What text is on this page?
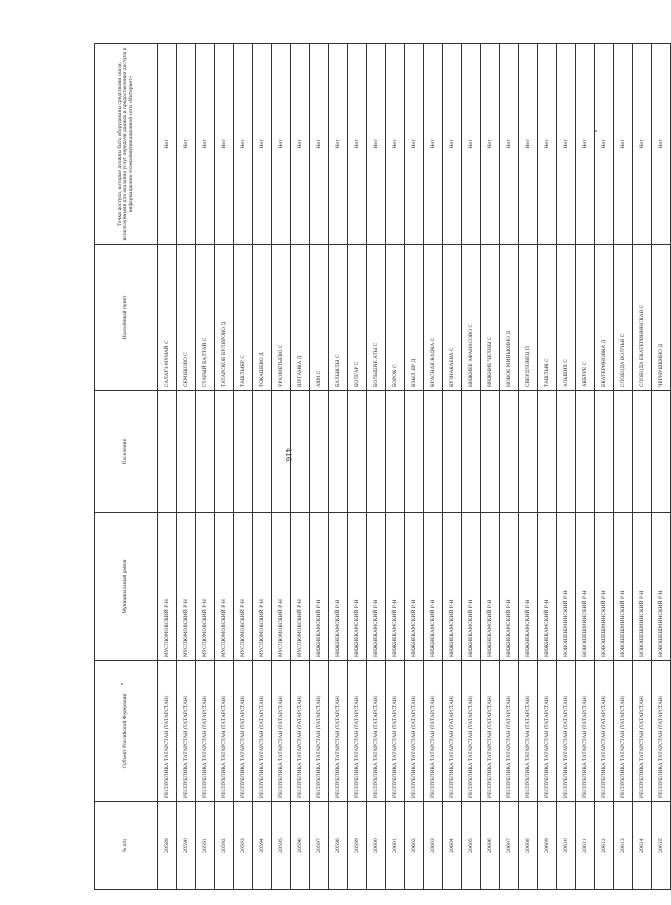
416
№ п/п	Субъект Российской Федерации	Муниципальный район	Поселение	Населённый пункт	Точки доступа, которые должны быть оборудованы средствами связи, используемыми для оказания услуг передачи данных и предоставления доступа к информационно-телекоммуникационной сети «Интернет»
20589	РЕСПУБЛИКА ТАТАРСТАН (ТАТАРСТАН)	МУСЛЮМОВСКИЙ Р-Н		САЛАУЗ-МУНАЙ С	Нет
20590	РЕСПУБЛИКА ТАТАРСТАН (ТАТАРСТАН)	МУСЛЮМОВСКИЙ Р-Н		СЕМЯКОВО С	Нет
20591	РЕСПУБЛИКА ТАТАРСТАН (ТАТАРСТАН)	МУСЛЮМОВСКИЙ Р-Н		СТАРЫЙ БАЛТАЙ С	Нет
20592	РЕСПУБЛИКА ТАТАРСТАН (ТАТАРСТАН)	МУСЛЮМОВСКИЙ Р-Н		ТАТАРСКОЕ БУЛЯРОВО Д	Нет
20593	РЕСПУБЛИКА ТАТАРСТАН (ТАТАРСТАН)	МУСЛЮМОВСКИЙ Р-Н		ТАШЛЫЯР С	Нет
20594	РЕСПУБЛИКА ТАТАРСТАН (ТАТАРСТАН)	МУСЛЮМОВСКИЙ Р-Н		ТОКАШЕВО Д	Нет
20595	РЕСПУБЛИКА ТАТАРСТАН (ТАТАРСТАН)	МУСЛЮМОВСКИЙ Р-Н		УРАЗМЕТЬЕВО С	Нет
20596	РЕСПУБЛИКА ТАТАРСТАН (ТАТАРСТАН)	МУСЛЮМОВСКИЙ Р-Н		ШУГАНКА Д	Нет
20597	РЕСПУБЛИКА ТАТАРСТАН (ТАТАРСТАН)	НИЖНЕКАМСКИЙ Р-Н		АХМ С	Нет
20598	РЕСПУБЛИКА ТАТАРСТАН (ТАТАРСТАН)	НИЖНЕКАМСКИЙ Р-Н		БАЛЫКЛЫ С	Нет
20599	РЕСПУБЛИКА ТАТАРСТАН (ТАТАРСТАН)	НИЖНЕКАМСКИЙ Р-Н		БОЛГАР С	Нет
20600	РЕСПУБЛИКА ТАТАРСТАН (ТАТАРСТАН)	НИЖНЕКАМСКИЙ Р-Н		БОЛЬШИЕ АТЫ С	Нет
20601	РЕСПУБЛИКА ТАТАРСТАН (ТАТАРСТАН)	НИЖНЕКАМСКИЙ Р-Н		БОРОК С	Нет
20602	РЕСПУБЛИКА ТАТАРСТАН (ТАТАРСТАН)	НИЖНЕКАМСКИЙ Р-Н		КЗЫЛ ЯР Д	Нет
20603	РЕСПУБЛИКА ТАТАРСТАН (ТАТАРСТАН)	НИЖНЕКАМСКИЙ Р-Н		КРАСНАЯ КАДКА С	Нет
20604	РЕСПУБЛИКА ТАТАРСТАН (ТАТАРСТАН)	НИЖНЕКАМСКИЙ Р-Н		КУЗНАКАЕВА С	Нет
20605	РЕСПУБЛИКА ТАТАРСТАН (ТАТАРСТАН)	НИЖНЕКАМСКИЙ Р-Н		НИЖНЕЕ АФАНАСОВО С	Нет
20606	РЕСПУБЛИКА ТАТАРСТАН (ТАТАРСТАН)	НИЖНЕКАМСКИЙ Р-Н		НИЖНИЕ ЧЕЛНЫ С	Нет
20607	РЕСПУБЛИКА ТАТАРСТАН (ТАТАРСТАН)	НИЖНЕКАМСКИЙ Р-Н		НОВОЕ МИНЬКИНО Д	Нет
20608	РЕСПУБЛИКА ТАТАРСТАН (ТАТАРСТАН)	НИЖНЕКАМСКИЙ Р-Н		СВЕРДЛОВЕЦ П	Нет
20609	РЕСПУБЛИКА ТАТАРСТАН (ТАТАРСТАН)	НИЖНЕКАМСКИЙ Р-Н		ТАШЛЫК С	Нет
20610	РЕСПУБЛИКА ТАТАРСТАН (ТАТАРСТАН)	НОВОШЕШМИНСКИЙ Р-Н		АЛЬШИХ С	Нет
20611	РЕСПУБЛИКА ТАТАРСТАН (ТАТАРСТАН)	НОВОШЕШМИНСКИЙ Р-Н		АКБУРЕ С	Нет
20612	РЕСПУБЛИКА ТАТАРСТАН (ТАТАРСТАН)	НОВОШЕШМИНСКИЙ Р-Н		ЕКАТЕРИНОВКА Д	Нет
20613	РЕСПУБЛИКА ТАТАРСТАН (ТАТАРСТАН)	НОВОШЕШМИНСКИЙ Р-Н		СЛОБОДА ВОЛЧЬЯ С	Нет
20614	РЕСПУБЛИКА ТАТАРСТАН (ТАТАРСТАН)	НОВОШЕШМИНСКИЙ Р-Н		СЛОБОДА ЕКАТЕРИНИНСКАЯ С	Нет
20615	РЕСПУБЛИКА ТАТАРСТАН (ТАТАРСТАН)	НОВОШЕШМИНСКИЙ Р-Н		ЧЕРНУШКИНО Д	Нет
